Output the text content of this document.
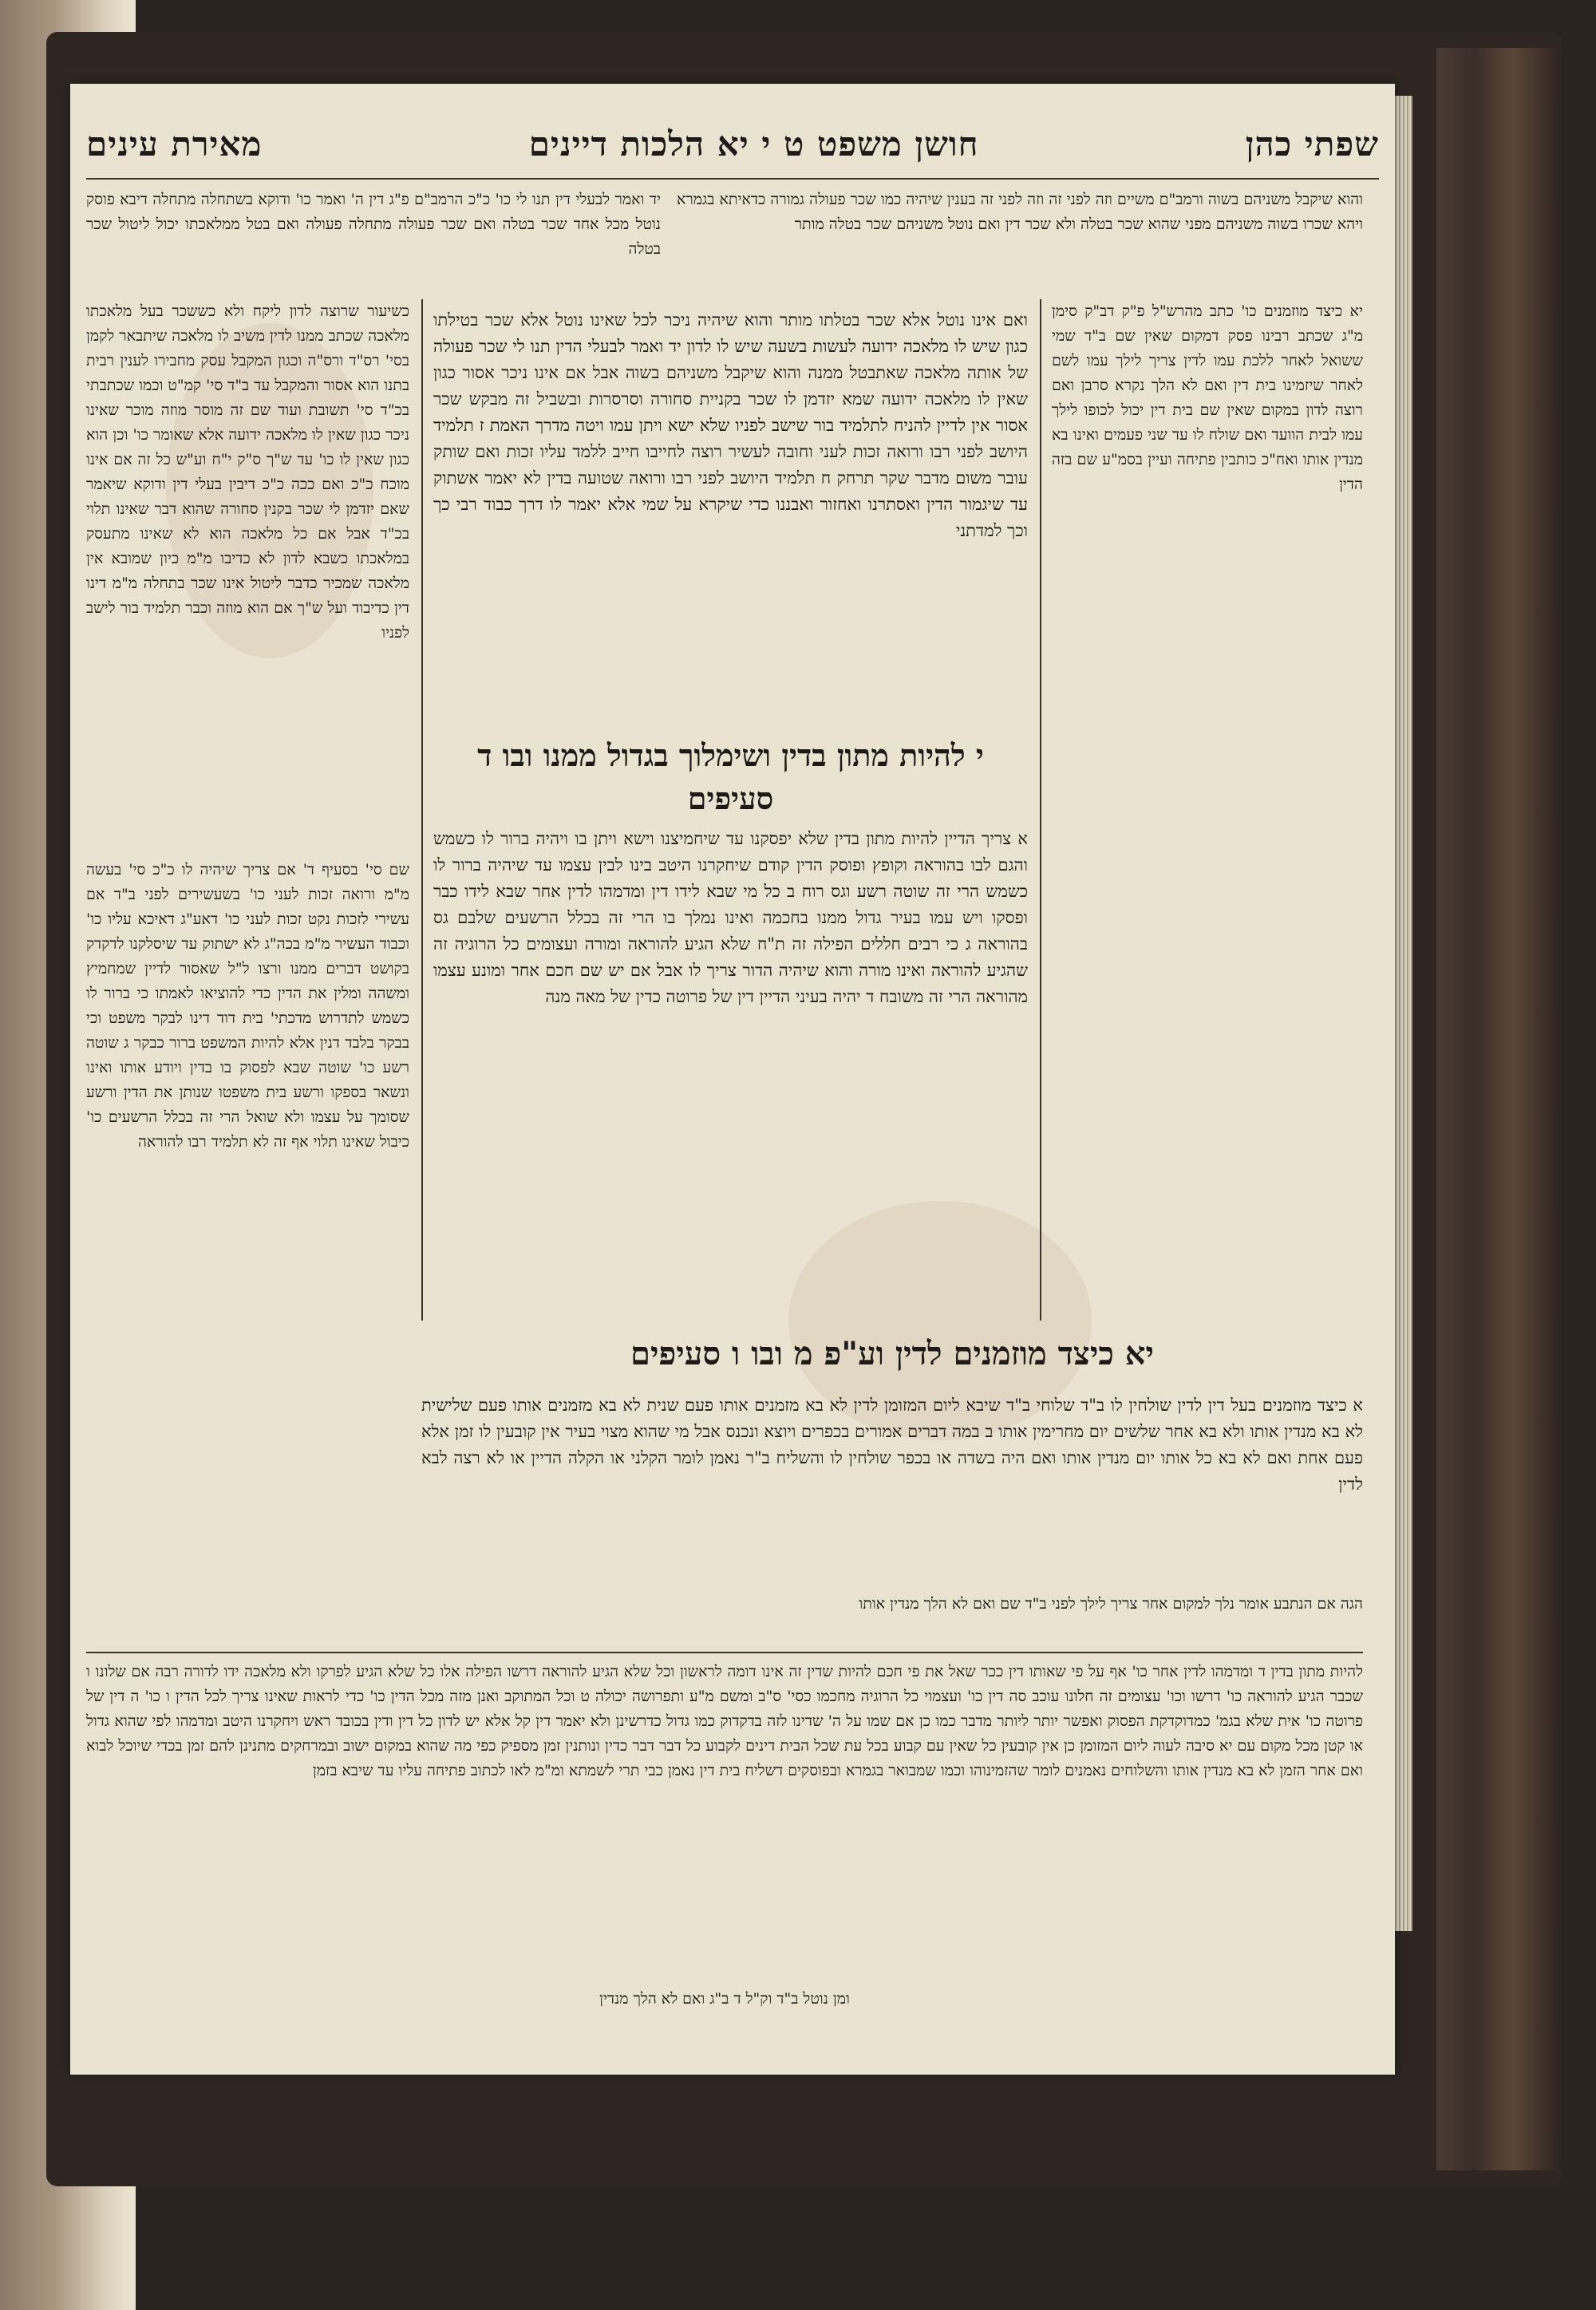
שפתי כהן
חושן משפט ט י יא הלכות דיינים
מאירת עינים

והוא שיקבל משניהם בשוה ורמב"ם משיים וזה לפני זה וזה לפני זה בענין שיהיה כמו שכר פעולה גמורה כדאיתא בגמרא ויהא שכרו בשוה משניהם מפני שהוא שכר בטלה ולא שכר דין ואם נוטל משניהם שכר בטלה מותר

יד ואמר לבעלי דין תנו לי כו' כ"כ הרמב"ם פ"ג דין ה' ואמר כו' ודוקא בשתחלה מתחלה דיבא פוסק נוטל מכל אחד שכר בטלה ואם שכר פעולה מתחלה פעולה ואם בטל ממלאכתו יכול ליטול שכר בטלה

יא כיצד מוזמנים כו' כתב מהרש"ל פ"ק דב"ק סימן מ"ג שכתב רבינו פסק דמקום שאין שם ב"ד שמי ששואל לאחר ללכת עמו לדין צריך לילך עמו לשם לאחר שיזמינו בית דין ואם לא הלך נקרא סרבן ואם רוצה לדון במקום שאין שם בית דין יכול לכופו לילך עמו לבית הוועד ואם שולח לו עד שני פעמים ואינו בא מנדין אותו ואח"כ כותבין פתיחה ועיין בסמ"ע שם בזה הדין

ואם אינו נוטל אלא שכר בטלתו מותר והוא שיהיה ניכר לכל שאינו נוטל אלא שכר בטילתו כגון שיש לו מלאכה ידועה לעשות בשעה שיש לו לדון יד ואמר לבעלי הדין תנו לי שכר פעולה של אותה מלאכה שאתבטל ממנה והוא שיקבל משניהם בשוה אבל אם אינו ניכר אסור כגון שאין לו מלאכה ידועה שמא יזדמן לו שכר בקניית סחורה וסרסרות ובשביל זה מבקש שכר אסור אין לדיין להניח לתלמיד בור שישב לפניו שלא ישא ויתן עמו ויטה מדרך האמת ז תלמיד היושב לפני רבו ורואה זכות לעני וחובה לעשיר רוצה לחייבו חייב ללמד עליו זכות ואם שותק עובר משום מדבר שקר תרחק ח תלמיד היושב לפני רבו ורואה שטועה בדין לא יאמר אשתוק עד שיגמור הדין ואסתרנו ואחזור ואבננו כדי שיקרא על שמי אלא יאמר לו דרך כבוד רבי כך וכך למדתני

י להיות מתון בדין ושימלוך בגדול ממנו ובו ד סעיפים

א צריך הדיין להיות מתון בדין שלא יפסקנו עד שיחמיצנו וישא ויתן בו ויהיה ברור לו כשמש והגם לבו בהוראה וקופץ ופוסק הדין קודם שיחקרנו היטב בינו לבין עצמו עד שיהיה ברור לו כשמש הרי זה שוטה רשע וגס רוח ב כל מי שבא לידו דין ומדמהו לדין אחר שבא לידו כבר ופסקו ויש עמו בעיר גדול ממנו בחכמה ואינו נמלך בו הרי זה בכלל הרשעים שלבם גס בהוראה ג כי רבים חללים הפילה זה ת"ח שלא הגיע להוראה ומורה ועצומים כל הרוגיה זה שהגיע להוראה ואינו מורה והוא שיהיה הדור צריך לו אבל אם יש שם חכם אחר ומונע עצמו מהוראה הרי זה משובח ד יהיה בעיני הדיין דין של פרוטה כדין של מאה מנה

כשיעור שרוצה לדון ליקח ולא כששכר בעל מלאכתו מלאכה שכתב ממנו לדין משיב לו מלאכה שיתבאר לקמן בסי' רס"ד ורס"ה וכגון המקבל עסק מחבירו לענין רבית בתנו הוא אסור והמקבל עד ב"ד סי' קמ"ט וכמו שכתבתי בכ"ד סי' תשובת ועוד שם זה מוסר מוזה מוכר שאינו ניכר כגון שאין לו מלאכה ידועה אלא שאומר כו' וכן הוא כגון שאין לו כו' עד ש"ך ס"ק י"ח וע"ש כל זה אם אינו מוכח כ"כ ואם ככה כ"כ דיבין בעלי דין ודוקא שיאמר שאם יזדמן לי שכר בקנין סחורה שהוא דבר שאינו תלוי בכ"ד אבל אם כל מלאכה הוא לא שאינו מתעסק במלאכתו כשבא לדון לא כדיבו מ"מ כיון שמובא אין מלאכה שמכיר כדבר ליטול אינו שכר בתחלה מ"מ דינו דין כדיבוד ועל ש"ך אם הוא מוזה וכבר תלמיד בור לישב לפניו

שם סי' בסעיף ד' אם צריך שיהיה לו כ"כ סי' בעשה מ"מ ורואה זכות לעני כו' בשעשירים לפני ב"ד אם עשירי לזכות נקט זכות לעני כו' דאע"ג דאיכא עליו כו' וכבוד העשיר מ"מ בכה"ג לא ישתוק עד שיסלקנו לדקדק בקושט דברים ממנו ורצו ל"ל שאסור לדיין שמחמיץ ומשהה ומלין את הדין כדי להוציאו לאמתו כי ברור לו כשמש לתדרוש מדכתי' בית דוד דינו לבקר משפט וכי בבקר בלבד דנין אלא להיות המשפט ברור כבקר ג שוטה רשע כו' שוטה שבא לפסוק בו בדין ויודע אותו ואינו ונשאר בספקו ורשע בית משפטו שנותן את הדין ורשע שסומך על עצמו ולא שואל הרי זה בכלל הרשעים כו' כיבול שאינו תלוי אף זה לא תלמיד רבו להוראה

יא כיצד מוזמנים לדין וע"פ מ ובו ו סעיפים

א כיצד מוזמנים בעל דין לדין שולחין לו ב"ד שלוחי ב"ד שיבא ליום המזומן לדין לא בא מזמנים אותו פעם שנית לא בא מזמנים אותו פעם שלישית לא בא מנדין אותו ולא בא אחר שלשים יום מחרימין אותו ב במה דברים אמורים בכפרים ויוצא ונכנס אבל מי שהוא מצוי בעיר אין קובעין לו זמן אלא פעם אחת ואם לא בא כל אותו יום מנדין אותו ואם היה בשדה או בכפר שולחין לו והשליח ב"ר נאמן לומר הקלני או הקלה הדיין או לא רצה לבא לדין

הגה אם הנתבע אומר נלך למקום אחר צריך לילך לפני ב"ד שם ואם לא הלך מנדין אותו

להיות מתון בדין ד ומדמהו לדין אחר כו' אף על פי שאותו דין ככר שאל את פי חכם להיות שדין זה אינו דומה לראשון וכל שלא הגיע להוראה דרשו הפילה אלו כל שלא הגיע לפרקו ולא מלאכה ידו לדורה רבה אם שלונו ו שכבר הגיע להוראה כו' דרשו וכו' עצומים זה חלונו עוכב סה דין כו' ועצמוי כל הרוגיה מחכמו כסי' ס"ב ומשם מ"ע ותפרושה יכולה ט וכל המתוקב ואנן מזה מכל הדין כו' כדי לראות שאינו צריך לכל הדין ו כו' ה דין של פרוטה כו' אית שלא בגמ' כמדוקדקת הפסוק ואפשר יותר ליותר מדבר כמו כן אם שמו על ה' שדינו לזה בדקדוק כמו גדול כדרשינן ולא יאמר דין קל אלא יש לדון כל דין ודין בכובד ראש ויחקרנו היטב ומדמהו לפי שהוא גדול או קטן מכל מקום עם יא סיבה לעוה ליום המזומן כן אין קובעין כל שאין עם קבוע בכל עת שכל הבית דינים לקבוע כל דבר דבר כדין ונותנין זמן מספיק כפי מה שהוא במקום ישוב ובמרחקים מתנינן להם זמן בכדי שיוכל לבוא ואם אחר הזמן לא בא מנדין אותו והשלוחים נאמנים לומר שהזמינוהו וכמו שמבואר בגמרא ובפוסקים דשליח בית דין נאמן כבי תרי לשמתא ומ"מ לאו לכתוב פתיחה עליו עד שיבא בזמן

ומן נוטל ב"ד וק"ל ד ב"ג ואם לא הלך מנדין
